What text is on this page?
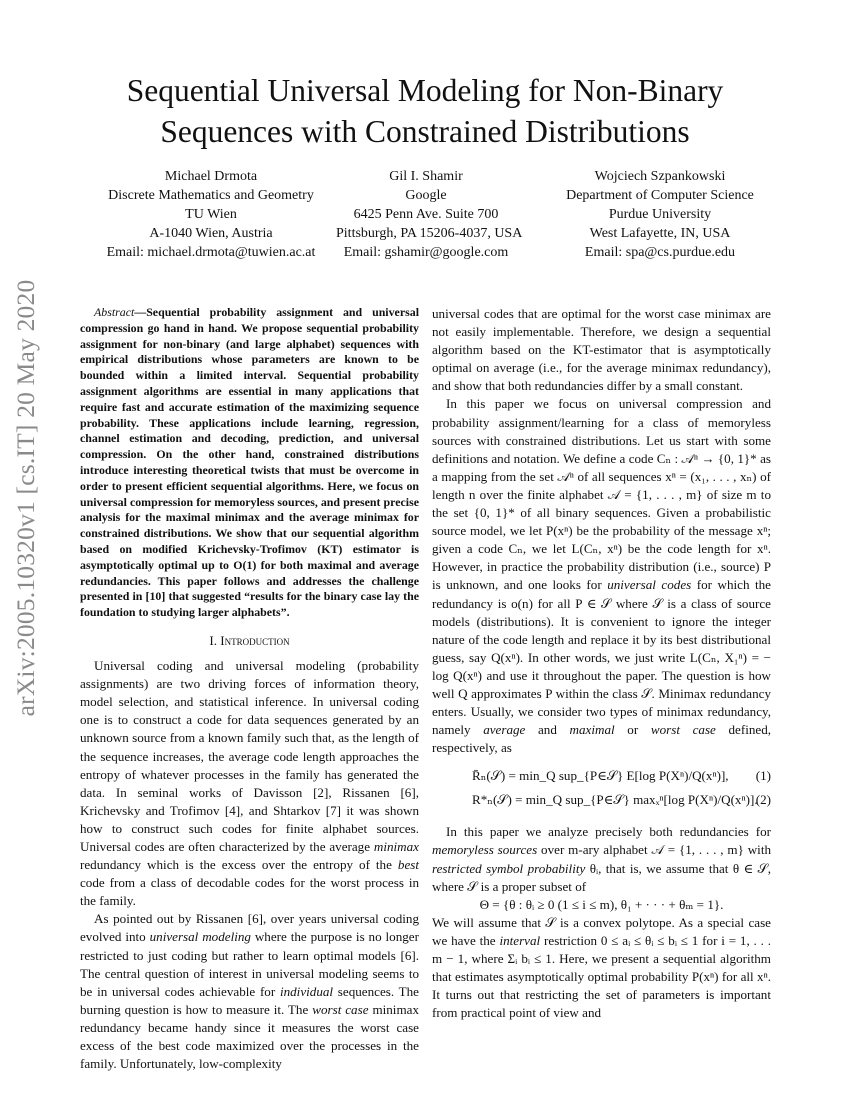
arXiv:2005.10320v1 [cs.IT] 20 May 2020
Sequential Universal Modeling for Non-Binary
Sequences with Constrained Distributions
Michael Drmota
Discrete Mathematics and Geometry
TU Wien
A-1040 Wien, Austria
Email: michael.drmota@tuwien.ac.at
Gil I. Shamir
Google
6425 Penn Ave. Suite 700
Pittsburgh, PA 15206-4037, USA
Email: gshamir@google.com
Wojciech Szpankowski
Department of Computer Science
Purdue University
West Lafayette, IN, USA
Email: spa@cs.purdue.edu

Abstract—Sequential probability assignment and universal compression go hand in hand. We propose sequential probability assignment for non-binary (and large alphabet) sequences with empirical distributions whose parameters are known to be bounded within a limited interval. Sequential probability assignment algorithms are essential in many applications that require fast and accurate estimation of the maximizing sequence probability. These applications include learning, regression, channel estimation and decoding, prediction, and universal compression. On the other hand, constrained distributions introduce interesting theoretical twists that must be overcome in order to present efficient sequential algorithms. Here, we focus on universal compression for memoryless sources, and present precise analysis for the maximal minimax and the average minimax for constrained distributions. We show that our sequential algorithm based on modified Krichevsky-Trofimov (KT) estimator is asymptotically optimal up to O(1) for both maximal and average redundancies. This paper follows and addresses the challenge presented in [10] that suggested “results for the binary case lay the foundation to studying larger alphabets”.

I. Introduction

Universal coding and universal modeling (probability assignments) are two driving forces of information theory, model selection, and statistical inference. In universal coding one is to construct a code for data sequences generated by an unknown source from a known family such that, as the length of the sequence increases, the average code length approaches the entropy of whatever processes in the family has generated the data. In seminal works of Davisson [2], Rissanen [6], Krichevsky and Trofimov [4], and Shtarkov [7] it was shown how to construct such codes for finite alphabet sources. Universal codes are often characterized by the average minimax redundancy which is the excess over the entropy of the best code from a class of decodable codes for the worst process in the family.

As pointed out by Rissanen [6], over years universal coding evolved into universal modeling where the purpose is no longer restricted to just coding but rather to learn optimal models [6]. The central question of interest in universal modeling seems to be in universal codes achievable for individual sequences. The burning question is how to measure it. The worst case minimax redundancy became handy since it measures the worst case excess of the best code maximized over the processes in the family. Unfortunately, low-complexity

universal codes that are optimal for the worst case minimax are not easily implementable. Therefore, we design a sequential algorithm based on the KT-estimator that is asymptotically optimal on average (i.e., for the average minimax redundancy), and show that both redundancies differ by a small constant.

In this paper we focus on universal compression and probability assignment/learning for a class of memoryless sources with constrained distributions. Let us start with some definitions and notation. We define a code Cₙ : 𝒜ⁿ → {0, 1}* as a mapping from the set 𝒜ⁿ of all sequences xⁿ = (x₁, . . . , xₙ) of length n over the finite alphabet 𝒜 = {1, . . . , m} of size m to the set {0, 1}* of all binary sequences. Given a probabilistic source model, we let P(xⁿ) be the probability of the message xⁿ; given a code Cₙ, we let L(Cₙ, xⁿ) be the code length for xⁿ. However, in practice the probability distribution (i.e., source) P is unknown, and one looks for universal codes for which the redundancy is o(n) for all P ∈ 𝒮 where 𝒮 is a class of source models (distributions). It is convenient to ignore the integer nature of the code length and replace it by its best distributional guess, say Q(xⁿ). In other words, we just write L(Cₙ, X₁ⁿ) = − log Q(xⁿ) and use it throughout the paper. The question is how well Q approximates P within the class 𝒮. Minimax redundancy enters. Usually, we consider two types of minimax redundancy, namely average and maximal or worst case defined, respectively, as

R̄ₙ(𝒮) = min_Q sup_{P∈𝒮} E[log P(Xⁿ)/Q(xⁿ)], (1)
R*ₙ(𝒮) = min_Q sup_{P∈𝒮} maxₓⁿ[log P(Xⁿ)/Q(xⁿ)].
(2)

In this paper we analyze precisely both redundancies for memoryless sources over m-ary alphabet 𝒜 = {1, . . . , m} with restricted symbol probability θᵢ, that is, we assume that θ ∈ 𝒮, where 𝒮 is a proper subset of

Θ = {θ : θᵢ ≥ 0 (1 ≤ i ≤ m), θ₁ + · · · + θₘ = 1}.

We will assume that 𝒮 is a convex polytope. As a special case we have the interval restriction 0 ≤ aᵢ ≤ θᵢ ≤ bᵢ ≤ 1 for i = 1, . . . m − 1, where Σᵢ bᵢ ≤ 1. Here, we present a sequential algorithm that estimates asymptotically optimal probability P(xⁿ) for all xⁿ. It turns out that restricting the set of parameters is important from practical point of view and
